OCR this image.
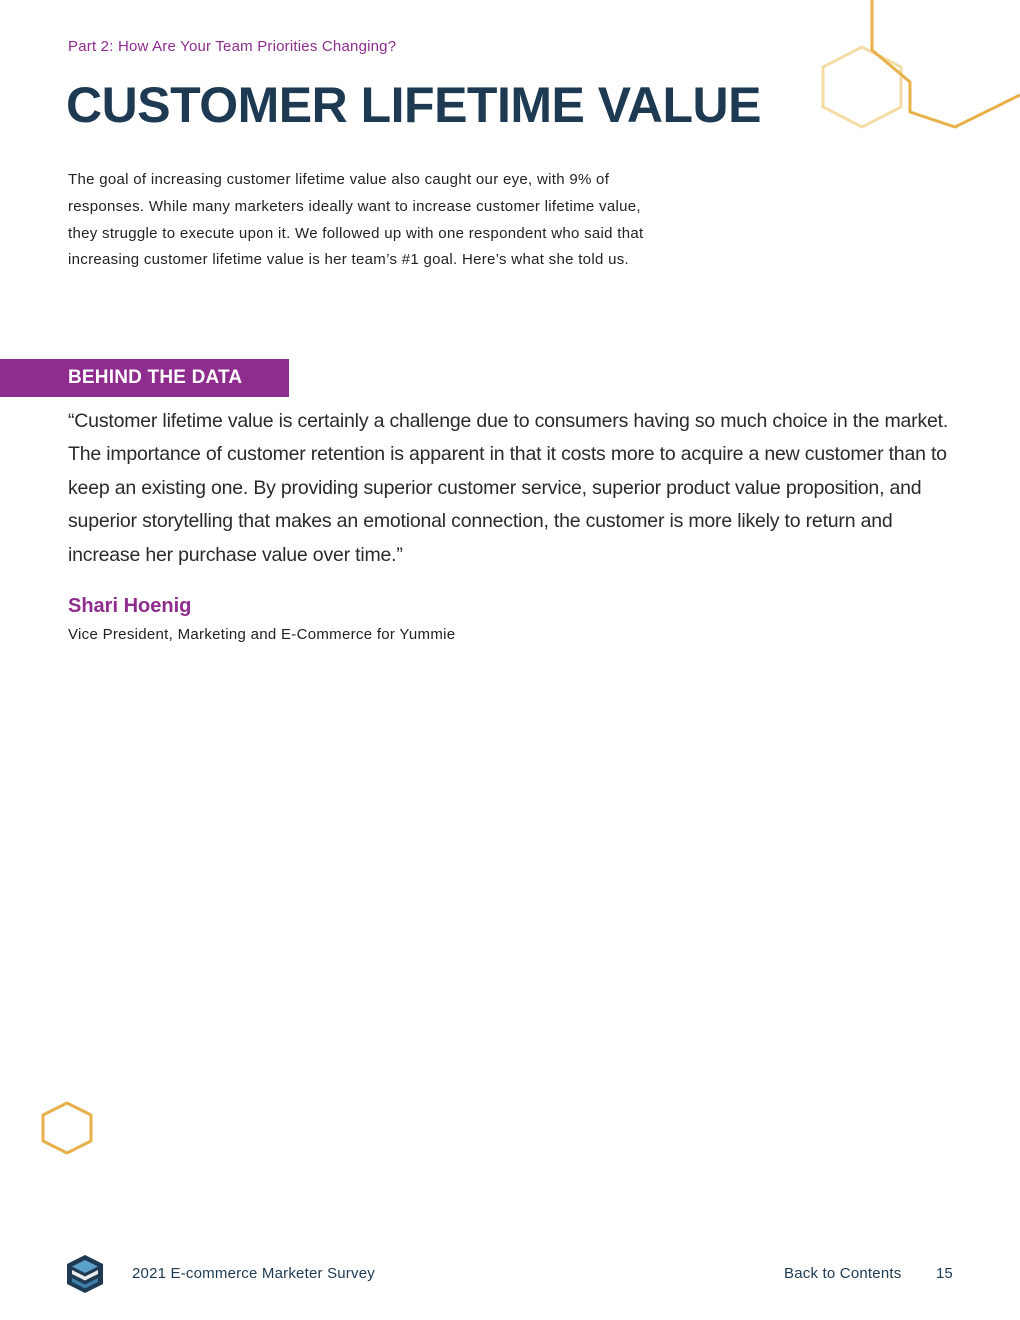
Part 2: How Are Your Team Priorities Changing?
CUSTOMER LIFETIME VALUE

The goal of increasing customer lifetime value also caught our eye, with 9% of responses. While many marketers ideally want to increase customer lifetime value, they struggle to execute upon it. We followed up with one respondent who said that increasing customer lifetime value is her team’s #1 goal. Here’s what she told us.

BEHIND THE DATA

“Customer lifetime value is certainly a challenge due to consumers having so much choice in the market. The importance of customer retention is apparent in that it costs more to acquire a new customer than to keep an existing one. By providing superior customer service, superior product value proposition, and superior storytelling that makes an emotional connection, the customer is more likely to return and increase her purchase value over time.”

Shari Hoenig
Vice President, Marketing and E-Commerce for Yummie
2021 E-commerce Marketer Survey	Back to Contents 15
